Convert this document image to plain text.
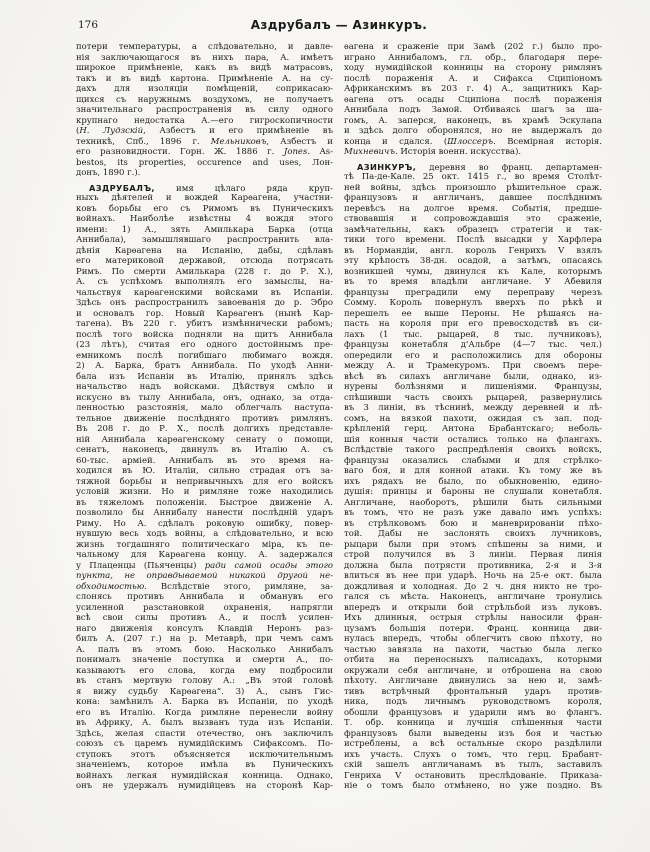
176	Аздрубалъ — Азинкуръ.
потери температуры, а слѣдовательно, и давле-
нія заключающагося въ нихъ пара, А. имѣетъ
широкое примѣненіе, какъ въ видѣ матрасовъ,
такъ и въ видѣ картона. Примѣненіе А. на су-
дахъ для изоляціи помѣщеній, соприкасаю-
щихся съ наружнымъ воздухомъ, не получаетъ
значительнаго распространенія въ силу одного
крупнаго недостатка А.—его гигроскопичности
(Н. Лудзскій, Азбестъ и его примѣненіе въ
техникѣ, Спб., 1896 г. Мельниковъ, Азбестъ и
его разновидности. Горн. Ж. 1886 г. Jones. As-
bestos, its properties, occurence and uses, Лон-
донъ, 1890 г.).
АЗДРУБАЛЪ, имя цѣлаго ряда круп-
ныхъ дѣятелей и вождей Карѳагена, участни-
ковъ борьбы его съ Римомъ въ Пуническихъ
войнахъ. Наиболѣе извѣстны 4 вождя этого
имени: 1) А., зять Амилькара Барка (отца
Аннибала), замышлявшаго распространить вла-
дѣнія Карѳагена на Испанію, дабы, сдѣлавъ
его материковой державой, отсюда потрясать
Римъ. По смерти Амилькара (228 г. до Р. Х.),
А. съ успѣхомъ выполнялъ его замыслы, на-
чальствуя карѳагенскими войсками въ Испаніи.
Здѣсь онъ распространилъ завоеванія до р. Эбро
и основалъ гор. Новый Карѳагенъ (нынѣ Кар-
тагена). Въ 220 г. убитъ измѣннически рабомъ;
послѣ того войска подняли на щитъ Аннибала
(23 лѣтъ), считая его одного достойнымъ пре-
емникомъ послѣ погибшаго любимаго вождя.
2) А. Барка, братъ Аннибала. По уходѣ Анни-
бала изъ Испаніи въ Италію, принялъ здѣсь
начальство надъ войсками. Дѣйствуя смѣло и
искусно въ тылу Аннибала, онъ, однако, за отда-
ленностью разстоянія, мало облегчалъ наступа-
тельное движеніе послѣдняго противъ римлянъ.
Въ 208 г. до Р. Х., послѣ долгихъ представле-
ній Аннибала карѳагенскому сенату о помощи,
сенатъ, наконецъ, двинулъ въ Италію А. съ
60-тыс. арміей. Аннибалъ въ это время на-
ходился въ Ю. Италіи, сильно страдая отъ за-
тяжной борьбы и непривычныхъ для его войскъ
условій жизни. Но и римляне тоже находились
въ тяжеломъ положеніи. Быстрое движеніе А.
позволило бы Аннибалу нанести послѣдній ударъ
Риму. Но А. сдѣлалъ роковую ошибку, повер-
нувшую весь ходъ войны, а слѣдовательно, и всю
жизнь тогдашняго политическаго міра, къ пе-
чальному для Карѳагена концу. А. задержался
у Плаценцы (Пьяченцы) ради самой осады этого
пункта, не оправдываемой никакой другой не-
обходимостью. Вслѣдствіе этого, римляне, за-
слонясь противъ Аннибала и обманувъ его
усиленной разстановкой охраненія, напрягли
всѣ свои силы противъ А., и послѣ усилен-
наго движенія консулъ Клавдій Неронъ раз-
билъ А. (207 г.) на р. Метаврѣ, при чемъ самъ
А. палъ въ этомъ бою. Насколько Аннибалъ
понималъ значеніе поступка и смерти А., по-
казываютъ его слова, когда ему подбросили
въ станъ мертвую голову А.: „Въ этой головѣ
я вижу судьбу Карѳагена“. 3) А., сынъ Гис-
кона: замѣнилъ А. Барка въ Испаніи, по уходѣ
его въ Италію. Когда римляне перенесли войну
въ Африку, А. былъ вызванъ туда изъ Испаніи.
Здѣсь, желая спасти отечество, онъ заключилъ
союзъ съ царемъ нумидійскимъ Сифаксомъ. По-
ступокъ этотъ объясняется исключительнымъ
значеніемъ, которое имѣла въ Пуническихъ
войнахъ легкая нумидійская конница. Однако,
онъ не удержалъ нумидійцевъ на сторонѣ Кар-
ѳагена и сраженіе при Замѣ (202 г.) было про-
играно Аннибаломъ, гл. обр., благодаря пере-
ходу нумидійской конницы на сторону римлянъ
послѣ пораженія А. и Сифакса Сципіономъ
Африканскимъ въ 203 г. 4) А., защитникъ Кар-
ѳагена отъ осады Сципіона послѣ пораженія
Аннибала подъ Замой. Отбиваясь шагъ за ша-
гомъ, А. заперся, наконецъ, въ храмѣ Эскулапа
и здѣсь долго оборонялся, но не выдержалъ до
конца и сдался. (Шлоссеръ. Всемірная исторія.
Михневичъ. Исторія военн. искусства).
АЗИНКУРЪ, деревня во франц. департамен-
тѣ Па-де-Кале. 25 окт. 1415 г., во время Столѣт-
ней войны, здѣсь произошло рѣшительное сраж.
французовъ и англичанъ, давшее послѣднимъ
перевѣсъ на долгое время. Событія, предше-
ствовавшія и сопровождавшія это сраженіе,
замѣчательны, какъ образецъ стратегіи и так-
тики того времени. Послѣ высадки у Харфлера
въ Нормандіи, англ. король Генрихъ V взялъ
эту крѣпость 38-дн. осадой, а затѣмъ, опасаясь
возникшей чумы, двинулся къ Кале, которымъ
въ то время владѣли англичане. У Абевиля
французы преградили ему переправу черезъ
Сомму. Король повернулъ вверхъ по рѣкѣ и
перешелъ ее выше Пероны. Не рѣшаясь на-
пасть на короля при его превосходствѣ въ си-
лахъ (1 тыс. рыцарей, 8 тыс. лучниковъ),
французы конетабля д'Альбре (4—7 тыс. чел.)
опередили его и расположились для обороны
между А. и Трамекуромъ. При своемъ пере-
вѣсѣ въ силахъ англичане были, однако, из-
нурены болѣзнями и лишеніями. Французы,
спѣшивши часть своихъ рыцарей, развернулись
въ 3 линіи, въ тѣснинѣ, между деревней и лѣ-
сомъ, на вязкой пахоти, ожидая съ зап. под-
крѣпленій герц. Антона Брабантскаго; неболь-
шія конныя части остались только на флангахъ.
Вслѣдствіе такого распредѣленія своихъ войскъ,
французы оказались слабыми и для стрѣлко-
ваго боя, и для конной атаки. Къ тому же въ
ихъ рядахъ не было, по обыкновенію, едино-
душія: принцы и бароны не слушали конетабля.
Англичане, наоборотъ, рѣшили быть сильными
въ томъ, что не разъ уже давало имъ успѣхъ:
въ стрѣлковомъ бою и маневрированіи пѣхо-
той. Дабы не заслонять своихъ лучниковъ,
рыцари были при этомъ спѣшены за ними, и
строй получился въ 3 линіи. Первая линія
должна была потрясти противника, 2-я и 3-я
влиться въ нее при ударѣ. Ночь на 25-е окт. была
дождливая и холодная. До 2 ч. дня никто не тро-
гался съ мѣста. Наконецъ, англичане тронулись
впередъ и открыли бой стрѣльбой изъ луковъ.
Ихъ длинныя, острыя стрѣлы наносили фран-
цузамъ большія потери. Франц. конница дви-
нулась впередъ, чтобы облегчить свою пѣхоту, но
частью завязла на пахоти, частью была легко
отбита на переносныхъ палисадахъ, которыми
окружали себя англичане, и отброшена на свою
пѣхоту. Англичане двинулись за нею и, замѣ-
тивъ встрѣчный фронтальный ударъ против-
ника, подъ личнымъ руководствомъ короля,
обошли французовъ и ударили имъ во флангъ.
Т. обр. конница и лучшія спѣшенныя части
французовъ были выведены изъ боя и частью
истреблены, а всѣ остальные скоро раздѣлили
ихъ участь. Слухъ о томъ, что герц. Брабант-
скій зашелъ англичанамъ въ тылъ, заставилъ
Генриха V остановить преслѣдованіе. Приказа-
ніе о томъ было отмѣнено, но уже поздно. Въ
